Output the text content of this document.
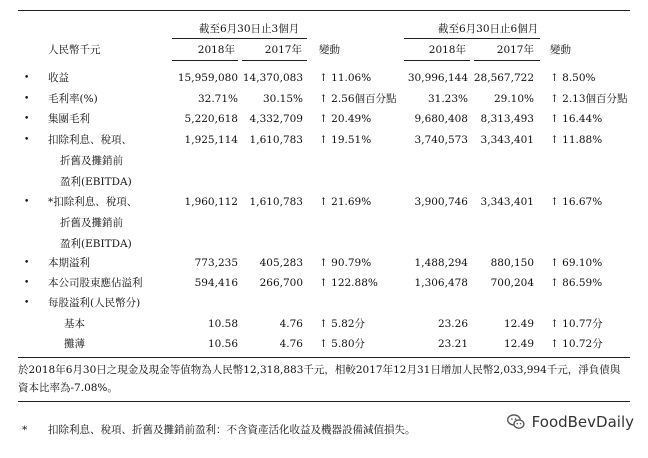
截至6月30日止3個月	截至6月30日止6個月
人民幣千元	2018年	2017年 變動	2018年	2017年 變動
• 收益	15,959,080 14,370,083 ↑ 11.06%	30,996,144 28,567,722 ↑ 8.50%
• 毛利率(%)	32.71%	30.15% ↑ 2.56個百分點	31.23%	29.10% ↑ 2.13個百分點
• 集團毛利	5,220,618	4,332,709 ↑ 20.49%	9,680,408	8,313,493 ↑ 16.44%
• 扣除利息、稅項、
折舊及攤銷前
盈利(EBITDA)
1,925,114	1,610,783 ↑ 19.51%	3,740,573	3,343,401 ↑ 11.88%
• *扣除利息、稅項、
折舊及攤銷前
盈利(EBITDA)
1,960,112	1,610,783 ↑ 21.69%	3,900,746	3,343,401 ↑ 16.67%
• 本期溢利	773,235	405,283 ↑ 90.79%	1,488,294	880,150 ↑ 69.10%
• 本公司股東應佔溢利	594,416	266,700 ↑ 122.88%	1,306,478	700,204 ↑ 86.59%
• 每股溢利(人民幣分)
基本	10.58	4.76 ↑ 5.82分	23.26	12.49 ↑ 10.77分
攤薄	10.56	4.76 ↑ 5.80分	23.21	12.49 ↑ 10.72分
於2018年6月30日之現金及現金等值物為人民幣12,318,883千元，相較2017年12月31日增加人民幣2,033,994千元，淨負債與資本比率為-7.08%。
* 扣除利息、稅項、折舊及攤銷前盈利：不含資產活化收益及機器設備減值損失。	FoodBevDaily
